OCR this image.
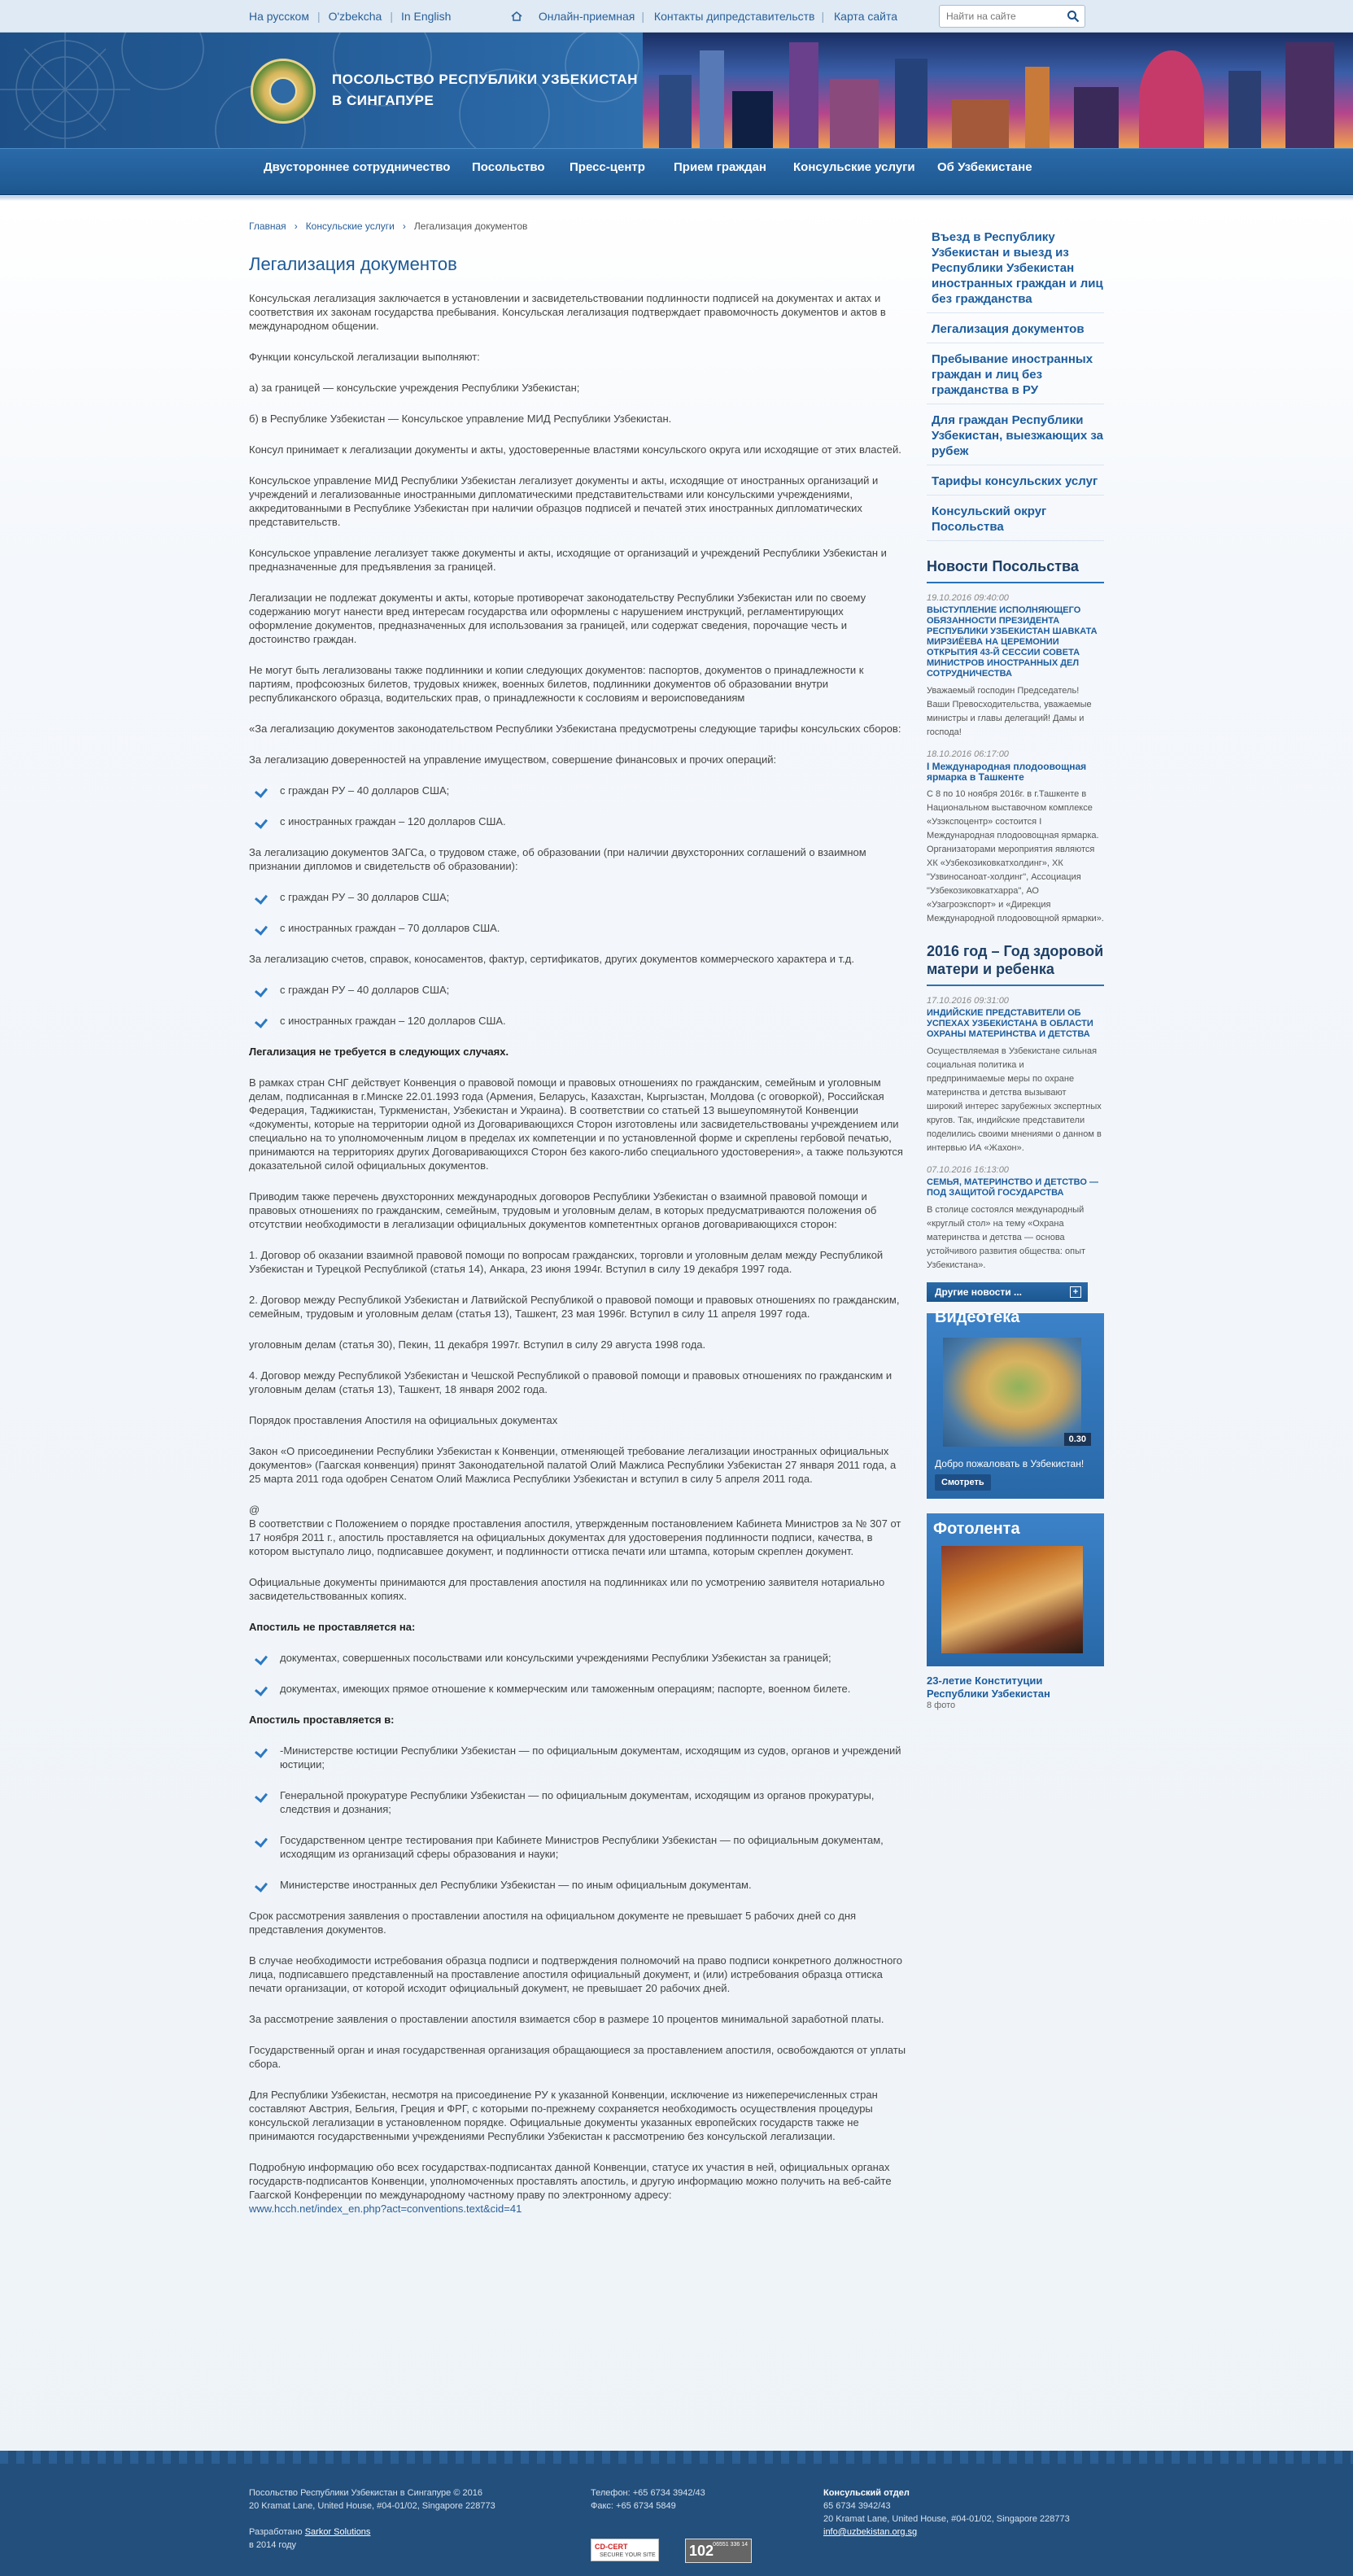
На русском | O'zbekcha | In English	Онлайн-приемная | Контакты дипредставительств | Карта сайта
Найти на сайте
ПОСОЛЬСТВО РЕСПУБЛИКИ УЗБЕКИСТАН
В СИНГАПУРЕ
Двустороннее сотрудничество Посольство Пресс-центр Прием граждан Консульские услуги Об Узбекистане
Главная › Консульские услуги › Легализация документов
Легализация документов

Консульская легализация заключается в установлении и засвидетельствовании подлинности подписей на документах и актах и соответствия их законам государства пребывания. Консульская легализация подтверждает правомочность документов и актов в международном общении.

Функции консульской легализации выполняют:

а) за границей — консульские учреждения Республики Узбекистан;

б) в Республике Узбекистан — Консульское управление МИД Республики Узбекистан.

Консул принимает к легализации документы и акты, удостоверенные властями консульского округа или исходящие от этих властей.

Консульское управление МИД Республики Узбекистан легализует документы и акты, исходящие от иностранных организаций и учреждений и легализованные иностранными дипломатическими представительствами или консульскими учреждениями, аккредитованными в Республике Узбекистан при наличии образцов подписей и печатей этих иностранных дипломатических представительств.

Консульское управление легализует также документы и акты, исходящие от организаций и учреждений Республики Узбекистан и предназначенные для предъявления за границей.

Легализации не подлежат документы и акты, которые противоречат законодательству Республики Узбекистан или по своему содержанию могут нанести вред интересам государства или оформлены с нарушением инструкций, регламентирующих оформление документов, предназначенных для использования за границей, или содержат сведения, порочащие честь и достоинство граждан.

Не могут быть легализованы также подлинники и копии следующих документов: паспортов, документов о принадлежности к партиям, профсоюзных билетов, трудовых книжек, военных билетов, подлинники документов об образовании внутри республиканского образца, водительских прав, о принадлежности к сословиям и вероисповеданиям

«За легализацию документов законодательством Республики Узбекистана предусмотрены следующие тарифы консульских сборов:

За легализацию доверенностей на управление имуществом, совершение финансовых и прочих операций:

с граждан РУ – 40 долларов США;
с иностранных граждан – 120 долларов США.

За легализацию документов ЗАГСа, о трудовом стаже, об образовании (при наличии двухсторонних соглашений о взаимном признании дипломов и свидетельств об образовании):

с граждан РУ – 30 долларов США;
с иностранных граждан – 70 долларов США.

За легализацию счетов, справок, коносаментов, фактур, сертификатов, других документов коммерческого характера и т.д.

с граждан РУ – 40 долларов США;
с иностранных граждан – 120 долларов США.

Легализация не требуется в следующих случаях.

В рамках стран СНГ действует Конвенция о правовой помощи и правовых отношениях по гражданским, семейным и уголовным делам, подписанная в г.Минске 22.01.1993 года (Армения, Беларусь, Казахстан, Кыргызстан, Молдова (с оговоркой), Российская Федерация, Таджикистан, Туркменистан, Узбекистан и Украина). В соответствии со статьей 13 вышеупомянутой Конвенции «документы, которые на территории одной из Договаривающихся Сторон изготовлены или засвидетельствованы учреждением или специально на то уполномоченным лицом в пределах их компетенции и по установленной форме и скреплены гербовой печатью, принимаются на территориях других Договаривающихся Сторон без какого-либо специального удостоверения», а также пользуются доказательной силой официальных документов.

Приводим также перечень двухсторонних международных договоров Республики Узбекистан о взаимной правовой помощи и правовых отношениях по гражданским, семейным, трудовым и уголовным делам, в которых предусматриваются положения об отсутствии необходимости в легализации официальных документов компетентных органов договаривающихся сторон:

1. Договор об оказании взаимной правовой помощи по вопросам гражданских, торговли и уголовным делам между Республикой Узбекистан и Турецкой Республикой (статья 14), Анкара, 23 июня 1994г. Вступил в силу 19 декабря 1997 года.

2. Договор между Республикой Узбекистан и Латвийской Республикой о правовой помощи и правовых отношениях по гражданским, семейным, трудовым и уголовным делам (статья 13), Ташкент, 23 мая 1996г. Вступил в силу 11 апреля 1997 года.

уголовным делам (статья 30), Пекин, 11 декабря 1997г. Вступил в силу 29 августа 1998 года.

4. Договор между Республикой Узбекистан и Чешской Республикой о правовой помощи и правовых отношениях по гражданским и уголовным делам (статья 13), Ташкент, 18 января 2002 года.

Порядок проставления Апостиля на официальных документах

Закон «О присоединении Республики Узбекистан к Конвенции, отменяющей требование легализации иностранных официальных документов» (Гаагская конвенция) принят Законодательной палатой Олий Мажлиса Республики Узбекистан 27 января 2011 года, а 25 марта 2011 года одобрен Сенатом Олий Мажлиса Республики Узбекистан и вступил в силу 5 апреля 2011 года.

@

В соответствии с Положением о порядке проставления апостиля, утвержденным постановлением Кабинета Министров за № 307 от 17 ноября 2011 г., апостиль проставляется на официальных документах для удостоверения подлинности подписи, качества, в котором выступало лицо, подписавшее документ, и подлинности оттиска печати или штампа, которым скреплен документ.

Официальные документы принимаются для проставления апостиля на подлинниках или по усмотрению заявителя нотариально засвидетельствованных копиях.

Апостиль не проставляется на:

документах, совершенных посольствами или консульскими учреждениями Республики Узбекистан за границей;
документах, имеющих прямое отношение к коммерческим или таможенным операциям; паспорте, военном билете.

Апостиль проставляется в:

-Министерстве юстиции Республики Узбекистан — по официальным документам, исходящим из судов, органов и учреждений юстиции;
Генеральной прокуратуре Республики Узбекистан — по официальным документам, исходящим из органов прокуратуры, следствия и дознания;
Государственном центре тестирования при Кабинете Министров Республики Узбекистан — по официальным документам, исходящим из организаций сферы образования и науки;
Министерстве иностранных дел Республики Узбекистан — по иным официальным документам.

Срок рассмотрения заявления о проставлении апостиля на официальном документе не превышает 5 рабочих дней со дня представления документов.

В случае необходимости истребования образца подписи и подтверждения полномочий на право подписи конкретного должностного лица, подписавшего представленный на проставление апостиля официальный документ, и (или) истребования образца оттиска печати организации, от которой исходит официальный документ, не превышает 20 рабочих дней.

За рассмотрение заявления о проставлении апостиля взимается сбор в размере 10 процентов минимальной заработной платы.

Государственный орган и иная государственная организация обращающиеся за проставлением апостиля, освобождаются от уплаты сбора.

Для Республики Узбекистан, несмотря на присоединение РУ к указанной Конвенции, исключение из нижеперечисленных стран составляют Австрия, Бельгия, Греция и ФРГ, с которыми по-прежнему сохраняется необходимость осуществления процедуры консульской легализации в установленном порядке. Официальные документы указанных европейских государств также не принимаются государственными учреждениями Республики Узбекистан к рассмотрению без консульской легализации.

Подробную информацию обо всех государствах-подписантах данной Конвенции, статусе их участия в ней, официальных органах государств-подписантов Конвенции, уполномоченных проставлять апостиль, и другую информацию можно получить на веб-сайте Гаагской Конференции по международному частному праву по электронному адресу:
www.hcch.net/index_en.php?act=conventions.text&cid=41

Въезд в Республику Узбекистан и выезд из Республики Узбекистан иностранных граждан и лиц без гражданства
Легализация документов
Пребывание иностранных граждан и лиц без гражданства в РУ
Для граждан Республики Узбекистан, выезжающих за рубеж
Тарифы консульских услуг
Консульский округ Посольства
Новости Посольства
19.10.2016 09:40:00
ВЫСТУПЛЕНИЕ ИСПОЛНЯЮЩЕГО ОБЯЗАННОСТИ ПРЕЗИДЕНТА РЕСПУБЛИКИ УЗБЕКИСТАН ШАВКАТА МИРЗИЁЕВА НА ЦЕРЕМОНИИ ОТКРЫТИЯ 43-Й СЕССИИ СОВЕТА МИНИСТРОВ ИНОСТРАННЫХ ДЕЛ СОТРУДНИЧЕСТВА
Уважаемый господин Председатель! Ваши Превосходительства, уважаемые министры и главы делегаций! Дамы и господа!
18.10.2016 06:17:00
I Международная плодоовощная ярмарка в Ташкенте
С 8 по 10 ноября 2016г. в г.Ташкенте в Национальном выставочном комплексе «Узэкспоцентр» состоится I Международная плодоовощная ярмарка. Организаторами мероприятия являются ХК «Узбекозиковкатхолдинг», ХК "Узвиносаноат-холдинг", Ассоциация "Узбекозиковкатхарра", АО «Узагроэкспорт» и «Дирекция Международной плодоовощной ярмарки».
2016 год – Год здоровой матери и ребенка
17.10.2016 09:31:00
ИНДИЙСКИЕ ПРЕДСТАВИТЕЛИ ОБ УСПЕХАХ УЗБЕКИСТАНА В ОБЛАСТИ ОХРАНЫ МАТЕРИНСТВА И ДЕТСТВА
Осуществляемая в Узбекистане сильная социальная политика и предпринимаемые меры по охране материнства и детства вызывают широкий интерес зарубежных экспертных кругов. Так, индийские представители поделились своими мнениями о данном в интервью ИА «Жахон».
07.10.2016 16:13:00
СЕМЬЯ, МАТЕРИНСТВО И ДЕТСТВО — ПОД ЗАЩИТОЙ ГОСУДАРСТВА
В столице состоялся международный «круглый стол» на тему «Охрана материнства и детства — основа устойчивого развития общества: опыт Узбекистана».
Другие новости ...	+
Видеотека
0.30
Добро пожаловать в Узбекистан!
Смотреть
Фотолента
23-летие Конституции Республики Узбекистан
8 фото
Посольство Республики Узбекистан в Сингапуре © 2016
20 Kramat Lane, United House, #04-01/02, Singapore 228773
Разработано Sarkor Solutions
в 2014 году
Телефон: +65 6734 3942/43
Факс: +65 6734 5849
Консульский отдел
65 6734 3942/43
20 Kramat Lane, United House, #04-01/02, Singapore 228773
info@uzbekistan.org.sg
CD-CERT
SECURE YOUR SITE 102 06551 336 14
